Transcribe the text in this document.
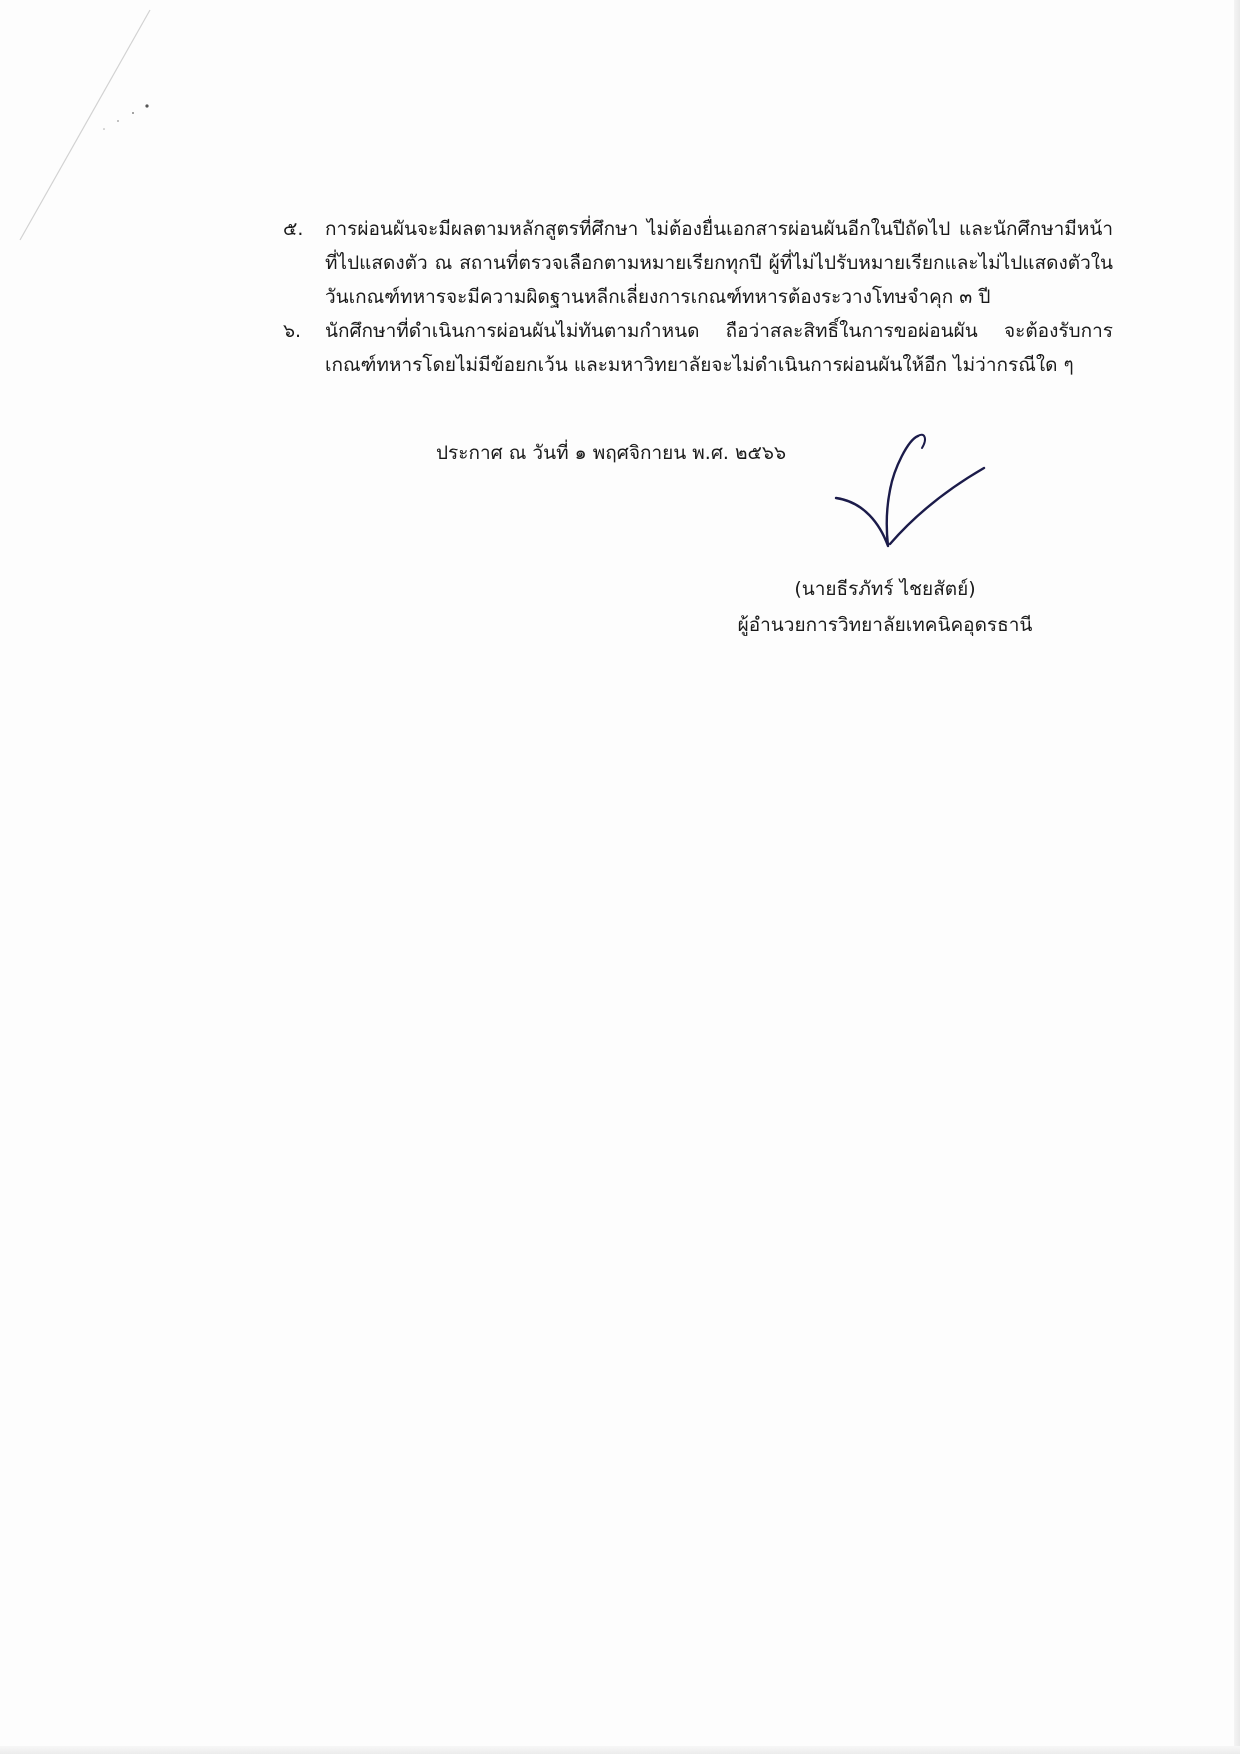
๕. การผ่อนผันจะมีผลตามหลักสูตรที่ศึกษา ไม่ต้องยื่นเอกสารผ่อนผันอีกในปีถัดไป และนักศึกษามีหน้าที่ไปแสดงตัว ณ สถานที่ตรวจเลือกตามหมายเรียกทุกปี ผู้ที่ไม่ไปรับหมายเรียกและไม่ไปแสดงตัวในวันเกณฑ์ทหารจะมีความผิดฐานหลีกเลี่ยงการเกณฑ์ทหารต้องระวางโทษจำคุก ๓ ปี
๖. นักศึกษาที่ดำเนินการผ่อนผันไม่ทันตามกำหนด ถือว่าสละสิทธิ์ในการขอผ่อนผัน จะต้องรับการเกณฑ์ทหารโดยไม่มีข้อยกเว้น และมหาวิทยาลัยจะไม่ดำเนินการผ่อนผันให้อีก ไม่ว่ากรณีใด ๆ
ประกาศ ณ วันที่ ๑ พฤศจิกายน พ.ศ. ๒๕๖๖
(นายธีรภัทร์ ไชยสัตย์)
ผู้อำนวยการวิทยาลัยเทคนิคอุดรธานี
